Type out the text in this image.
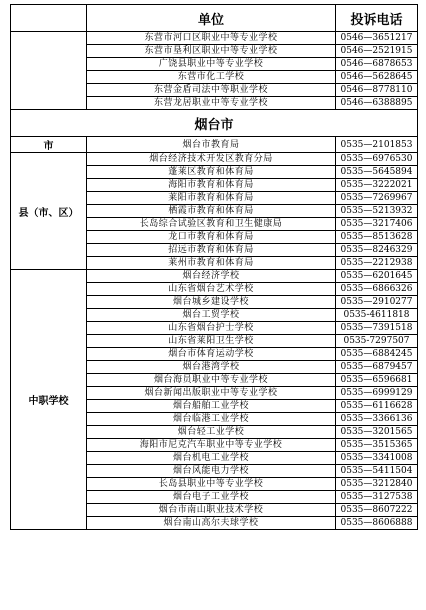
	单位	投诉电话
	东营市河口区职业中等专业学校	0546—3651217
	东营市垦利区职业中等专业学校	0546—2521915
	广饶县职业中等专业学校	0546—6878653
	东营市化工学校	0546—5628645
	东营金盾司法中等职业学校	0546—8778110
	东营龙居职业中等专业学校	0546—6388895
烟台市		
市	烟台市教育局	0535—2101853
县（市、区）	烟台经济技术开发区教育分局	0535—6976530
	蓬莱区教育和体育局	0535—5645894
	海阳市教育和体育局	0535—3222021
	莱阳市教育和体育局	0535—7269967
	栖霞市教育和体育局	0535—5213932
	长岛综合试验区教育和卫生健康局	0535—3217406
	龙口市教育和体育局	0535—8513628
	招远市教育和体育局	0535—8246329
	莱州市教育和体育局	0535—2212938
中职学校	烟台经济学校	0535—6201645
	山东省烟台艺术学校	0535—6866326
	烟台城乡建设学校	0535—2910277
	烟台工贸学校	0535-4611818
	山东省烟台护士学校	0535—7391518
	山东省莱阳卫生学校	0535-7297507
	烟台市体育运动学校	0535—6884245
	烟台港湾学校	0535—6879457
	烟台海员职业中等专业学校	0535—6596681
	烟台新闻出版职业中等专业学校	0535—6999129
	烟台船舶工业学校	0535—6116628
	烟台临港工业学校	0535—3366136
	烟台轻工业学校	0535—3201565
	海阳市尼克汽车职业中等专业学校	0535—3515365
	烟台机电工业学校	0535—3341008
	烟台风能电力学校	0535—5411504
	长岛县职业中等专业学校	0535—3212840
	烟台电子工业学校	0535—3127538
	烟台市南山职业技术学校	0535—8607222
	烟台南山高尔夫球学校	0535—8606888
